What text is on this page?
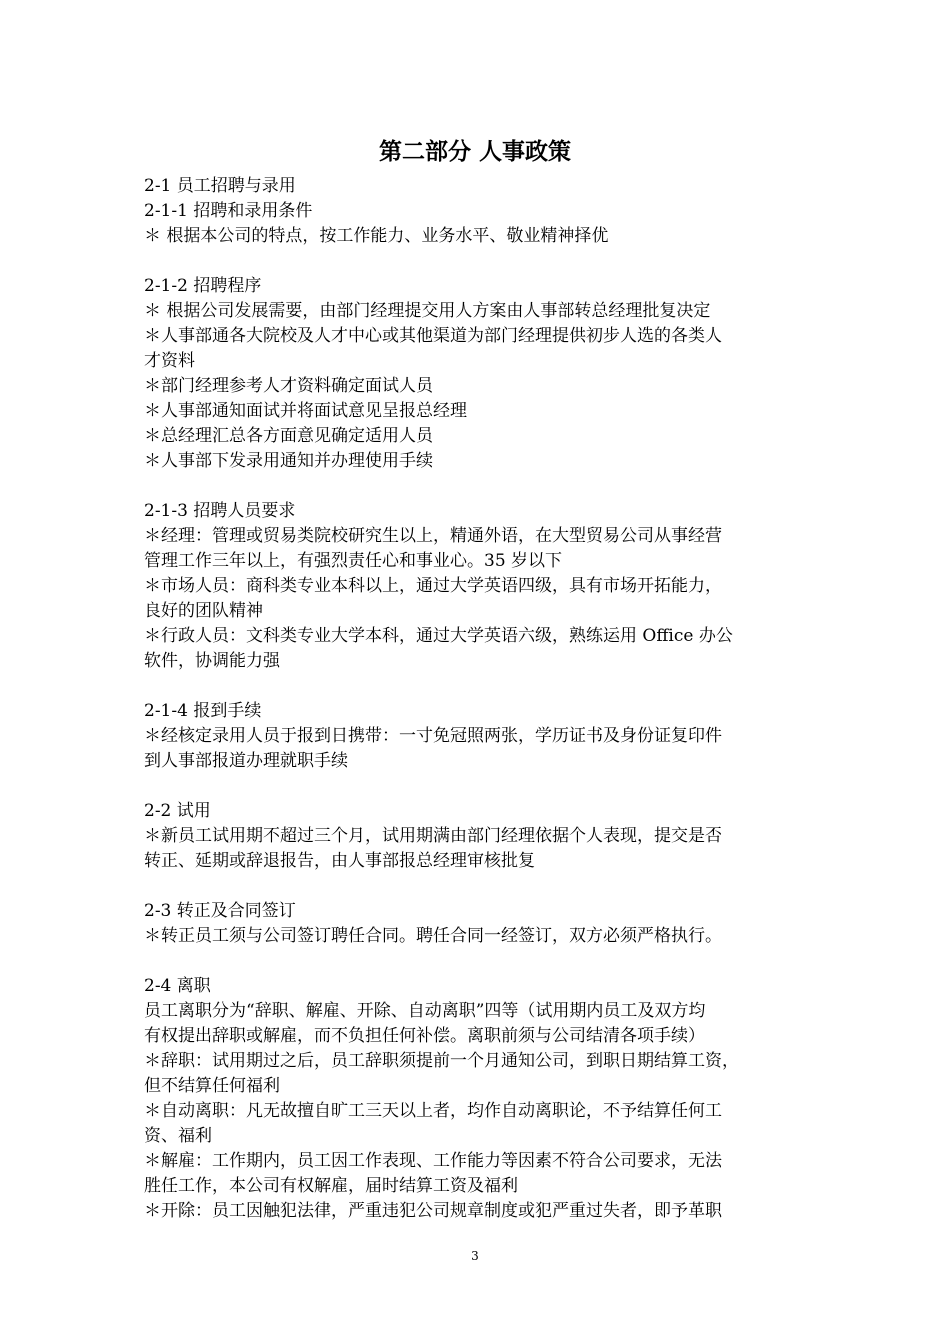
第二部分 人事政策
2-1 员工招聘与录用
2-1-1 招聘和录用条件
＊ 根据本公司的特点，按工作能力、业务水平、敬业精神择优
2-1-2 招聘程序
＊ 根据公司发展需要，由部门经理提交用人方案由人事部转总经理批复决定
＊人事部通各大院校及人才中心或其他渠道为部门经理提供初步人选的各类人
才资料
＊部门经理参考人才资料确定面试人员
＊人事部通知面试并将面试意见呈报总经理
＊总经理汇总各方面意见确定适用人员
＊人事部下发录用通知并办理使用手续
2-1-3 招聘人员要求
＊经理：管理或贸易类院校研究生以上，精通外语，在大型贸易公司从事经营
管理工作三年以上，有强烈责任心和事业心。35 岁以下
＊市场人员：商科类专业本科以上，通过大学英语四级，具有市场开拓能力，
良好的团队精神
＊行政人员：文科类专业大学本科，通过大学英语六级，熟练运用 Office 办公
软件，协调能力强
2-1-4 报到手续
＊经核定录用人员于报到日携带：一寸免冠照两张，学历证书及身份证复印件
到人事部报道办理就职手续
2-2 试用
＊新员工试用期不超过三个月，试用期满由部门经理依据个人表现，提交是否
转正、延期或辞退报告，由人事部报总经理审核批复
2-3 转正及合同签订
＊转正员工须与公司签订聘任合同。聘任合同一经签订，双方必须严格执行。
2-4 离职
员工离职分为“辞职、解雇、开除、自动离职”四等（试用期内员工及双方均
有权提出辞职或解雇，而不负担任何补偿。离职前须与公司结清各项手续）
＊辞职：试用期过之后，员工辞职须提前一个月通知公司，到职日期结算工资，
但不结算任何福利
＊自动离职：凡无故擅自旷工三天以上者，均作自动离职论，不予结算任何工
资、福利
＊解雇：工作期内，员工因工作表现、工作能力等因素不符合公司要求，无法
胜任工作，本公司有权解雇，届时结算工资及福利
＊开除：员工因触犯法律，严重违犯公司规章制度或犯严重过失者，即予革职
3
